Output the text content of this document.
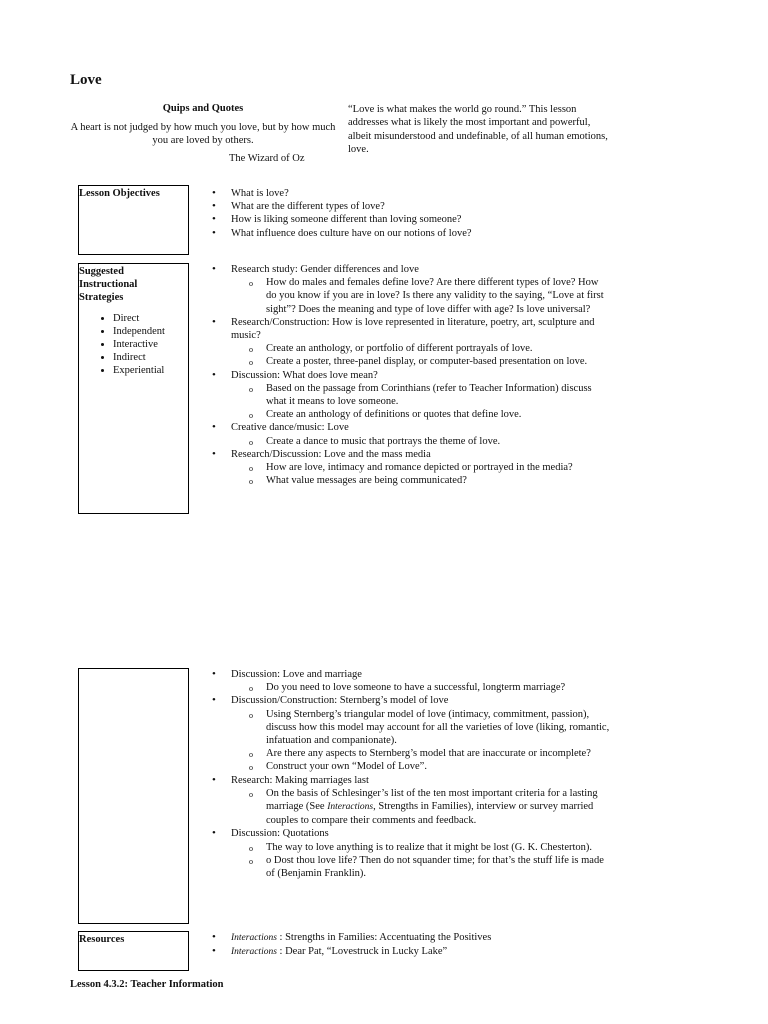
Love
Quips and Quotes
A heart is not judged by how much you love, but by how much you are loved by others.
The Wizard of Oz
“Love is what makes the world go round.” This lesson addresses what is likely the most important and powerful, albeit misunderstood and undefinable, of all human emotions, love.
Lesson Objectives	• What is love?
• What are the different types of love?
• How is liking someone different than loving someone?
• What influence does culture have on our notions of love?
Suggested
Instructional
Strategies
• Direct
• Independent
• Interactive
• Indirect
• Experiential
• Research study: Gender differences and love
o How do males and females define love? Are there different types of love? How do you know if you are in love? Is there any validity to the saying, “Love at first sight”? Does the meaning and type of love differ with age? Is love universal?
• Research/Construction: How is love represented in literature, poetry, art, sculpture and music?
o Create an anthology, or portfolio of different portrayals of love.
o Create a poster, three-panel display, or computer-based presentation on love.
• Discussion: What does love mean?
o Based on the passage from Corinthians (refer to Teacher Information) discuss what it means to love someone.
o Create an anthology of definitions or quotes that define love.
• Creative dance/music: Love
o Create a dance to music that portrays the theme of love.
• Research/Discussion: Love and the mass media
o How are love, intimacy and romance depicted or portrayed in the media?
o What value messages are being communicated?
• Discussion: Love and marriage
o Do you need to love someone to have a successful, longterm marriage?
• Discussion/Construction: Sternberg’s model of love
o Using Sternberg’s triangular model of love (intimacy, commitment, passion), discuss how this model may account for all the varieties of love (liking, romantic, infatuation and companionate).
o Are there any aspects to Sternberg’s model that are inaccurate or incomplete?
o Construct your own “Model of Love”.
• Research: Making marriages last
o On the basis of Schlesinger’s list of the ten most important criteria for a lasting marriage (See Interactions, Strengths in Families), interview or survey married couples to compare their comments and feedback.
• Discussion: Quotations
o The way to love anything is to realize that it might be lost (G. K. Chesterton).
o o Dost thou love life? Then do not squander time; for that’s the stuff life is made of (Benjamin Franklin).
Resources	• Interactions : Strengths in Families: Accentuating the Positives
• Interactions : Dear Pat, “Lovestruck in Lucky Lake”
Lesson 4.3.2: Teacher Information
